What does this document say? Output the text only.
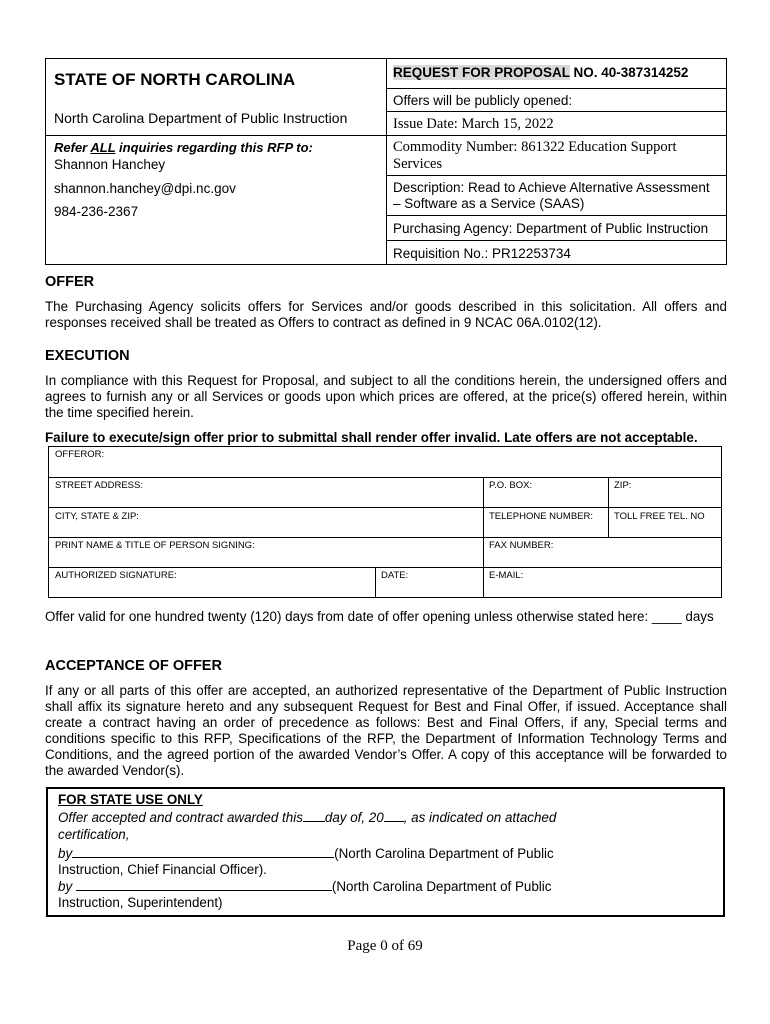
STATE OF NORTH CAROLINA
North Carolina Department of Public Instruction
Refer ALL inquiries regarding this RFP to:
Shannon Hanchey
shannon.hanchey@dpi.nc.gov
984-236-2367
REQUEST FOR PROPOSAL NO. 40-387314252
Offers will be publicly opened:
Issue Date: March 15, 2022
Commodity Number: 861322 Education Support
Services
Description: Read to Achieve Alternative Assessment
– Software as a Service (SAAS)
Purchasing Agency: Department of Public Instruction
Requisition No.: PR12253734
OFFER

The Purchasing Agency solicits offers for Services and/or goods described in this solicitation. All offers and responses received shall be treated as Offers to contract as defined in 9 NCAC 06A.0102(12).

EXECUTION

In compliance with this Request for Proposal, and subject to all the conditions herein, the undersigned offers and agrees to furnish any or all Services or goods upon which prices are offered, at the price(s) offered herein, within the time specified herein.

Failure to execute/sign offer prior to submittal shall render offer invalid. Late offers are not acceptable.
OFFEROR:
STREET ADDRESS:	P.O. BOX:	ZIP:
CITY, STATE & ZIP:	TELEPHONE NUMBER: TOLL FREE TEL. NO
PRINT NAME & TITLE OF PERSON SIGNING:	FAX NUMBER:
AUTHORIZED SIGNATURE:	DATE:	E-MAIL:

Offer valid for one hundred twenty (120) days from date of offer opening unless otherwise stated here: ____ days

ACCEPTANCE OF OFFER

If any or all parts of this offer are accepted, an authorized representative of the Department of Public Instruction shall affix its signature hereto and any subsequent Request for Best and Final Offer, if issued. Acceptance shall create a contract having an order of precedence as follows: Best and Final Offers, if any, Special terms and conditions specific to this RFP, Specifications of the RFP, the Department of Information Technology Terms and Conditions, and the agreed portion of the awarded Vendor’s Offer. A copy of this acceptance will be forwarded to the awarded Vendor(s).

FOR STATE USE ONLY
Offer accepted and contract awarded this day of, 20 , as indicated on attached
certification,
by	(North Carolina Department of Public
Instruction, Chief Financial Officer).
by	(North Carolina Department of Public
Instruction, Superintendent)
Page 0 of 69
